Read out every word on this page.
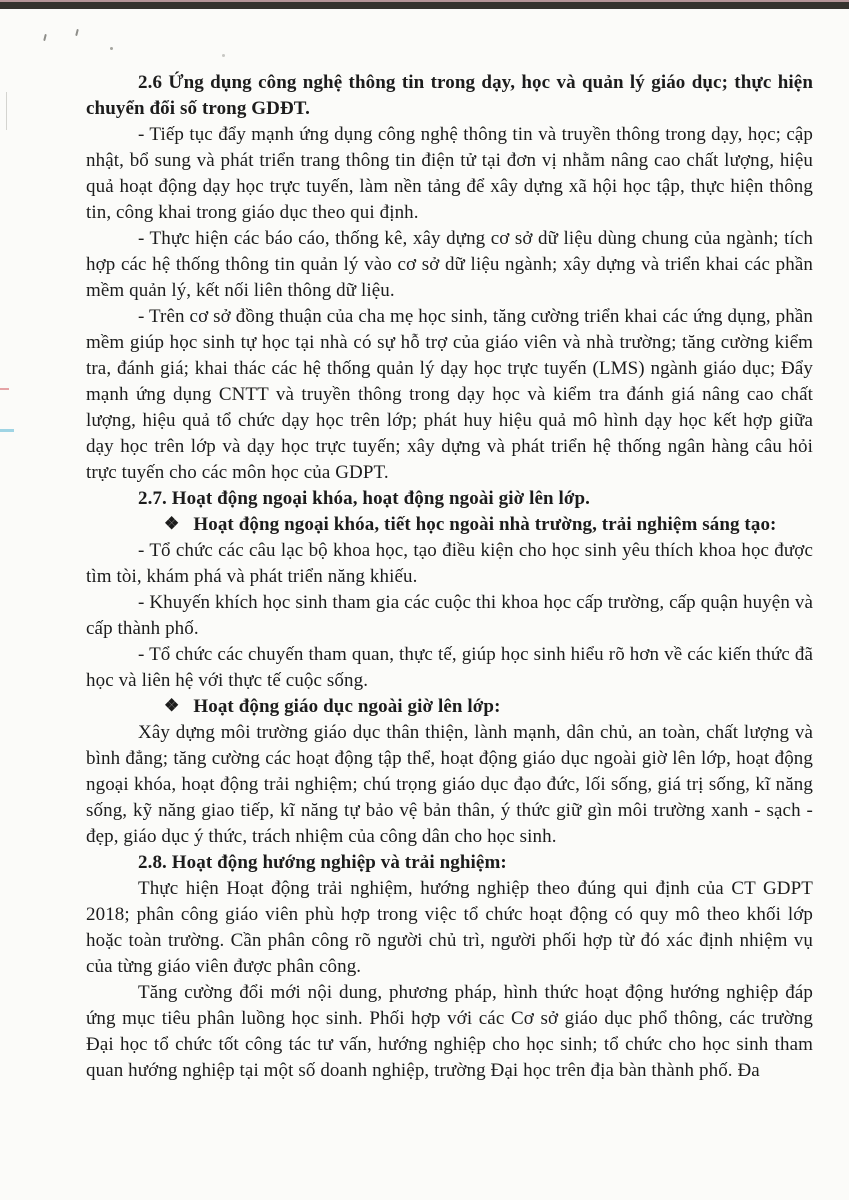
2.6 Ứng dụng công nghệ thông tin trong dạy, học và quản lý giáo dục; thực hiện chuyển đổi số trong GDĐT.

- Tiếp tục đẩy mạnh ứng dụng công nghệ thông tin và truyền thông trong dạy, học; cập nhật, bổ sung và phát triển trang thông tin điện tử tại đơn vị nhằm nâng cao chất lượng, hiệu quả hoạt động dạy học trực tuyến, làm nền tảng để xây dựng xã hội học tập, thực hiện thông tin, công khai trong giáo dục theo qui định.

- Thực hiện các báo cáo, thống kê, xây dựng cơ sở dữ liệu dùng chung của ngành; tích hợp các hệ thống thông tin quản lý vào cơ sở dữ liệu ngành; xây dựng và triển khai các phần mềm quản lý, kết nối liên thông dữ liệu.

- Trên cơ sở đồng thuận của cha mẹ học sinh, tăng cường triển khai các ứng dụng, phần mềm giúp học sinh tự học tại nhà có sự hỗ trợ của giáo viên và nhà trường; tăng cường kiểm tra, đánh giá; khai thác các hệ thống quản lý dạy học trực tuyến (LMS) ngành giáo dục; Đẩy mạnh ứng dụng CNTT và truyền thông trong dạy học và kiểm tra đánh giá nâng cao chất lượng, hiệu quả tổ chức dạy học trên lớp; phát huy hiệu quả mô hình dạy học kết hợp giữa dạy học trên lớp và dạy học trực tuyến; xây dựng và phát triển hệ thống ngân hàng câu hỏi trực tuyến cho các môn học của GDPT.

2.7. Hoạt động ngoại khóa, hoạt động ngoài giờ lên lớp.

❖ Hoạt động ngoại khóa, tiết học ngoài nhà trường, trải nghiệm sáng tạo:

- Tổ chức các câu lạc bộ khoa học, tạo điều kiện cho học sinh yêu thích khoa học được tìm tòi, khám phá và phát triển năng khiếu.

- Khuyến khích học sinh tham gia các cuộc thi khoa học cấp trường, cấp quận huyện và cấp thành phố.

- Tổ chức các chuyến tham quan, thực tế, giúp học sinh hiểu rõ hơn về các kiến thức đã học và liên hệ với thực tế cuộc sống.

❖ Hoạt động giáo dục ngoài giờ lên lớp:

Xây dựng môi trường giáo dục thân thiện, lành mạnh, dân chủ, an toàn, chất lượng và bình đẳng; tăng cường các hoạt động tập thể, hoạt động giáo dục ngoài giờ lên lớp, hoạt động ngoại khóa, hoạt động trải nghiệm; chú trọng giáo dục đạo đức, lối sống, giá trị sống, kĩ năng sống, kỹ năng giao tiếp, kĩ năng tự bảo vệ bản thân, ý thức giữ gìn môi trường xanh - sạch - đẹp, giáo dục ý thức, trách nhiệm của công dân cho học sinh.

2.8. Hoạt động hướng nghiệp và trải nghiệm:

Thực hiện Hoạt động trải nghiệm, hướng nghiệp theo đúng qui định của CT GDPT 2018; phân công giáo viên phù hợp trong việc tổ chức hoạt động có quy mô theo khối lớp hoặc toàn trường. Cần phân công rõ người chủ trì, người phối hợp từ đó xác định nhiệm vụ của từng giáo viên được phân công.

Tăng cường đổi mới nội dung, phương pháp, hình thức hoạt động hướng nghiệp đáp ứng mục tiêu phân luồng học sinh. Phối hợp với các Cơ sở giáo dục phổ thông, các trường Đại học tổ chức tốt công tác tư vấn, hướng nghiệp cho học sinh; tổ chức cho học sinh tham quan hướng nghiệp tại một số doanh nghiệp, trường Đại học trên địa bàn thành phố. Đa
